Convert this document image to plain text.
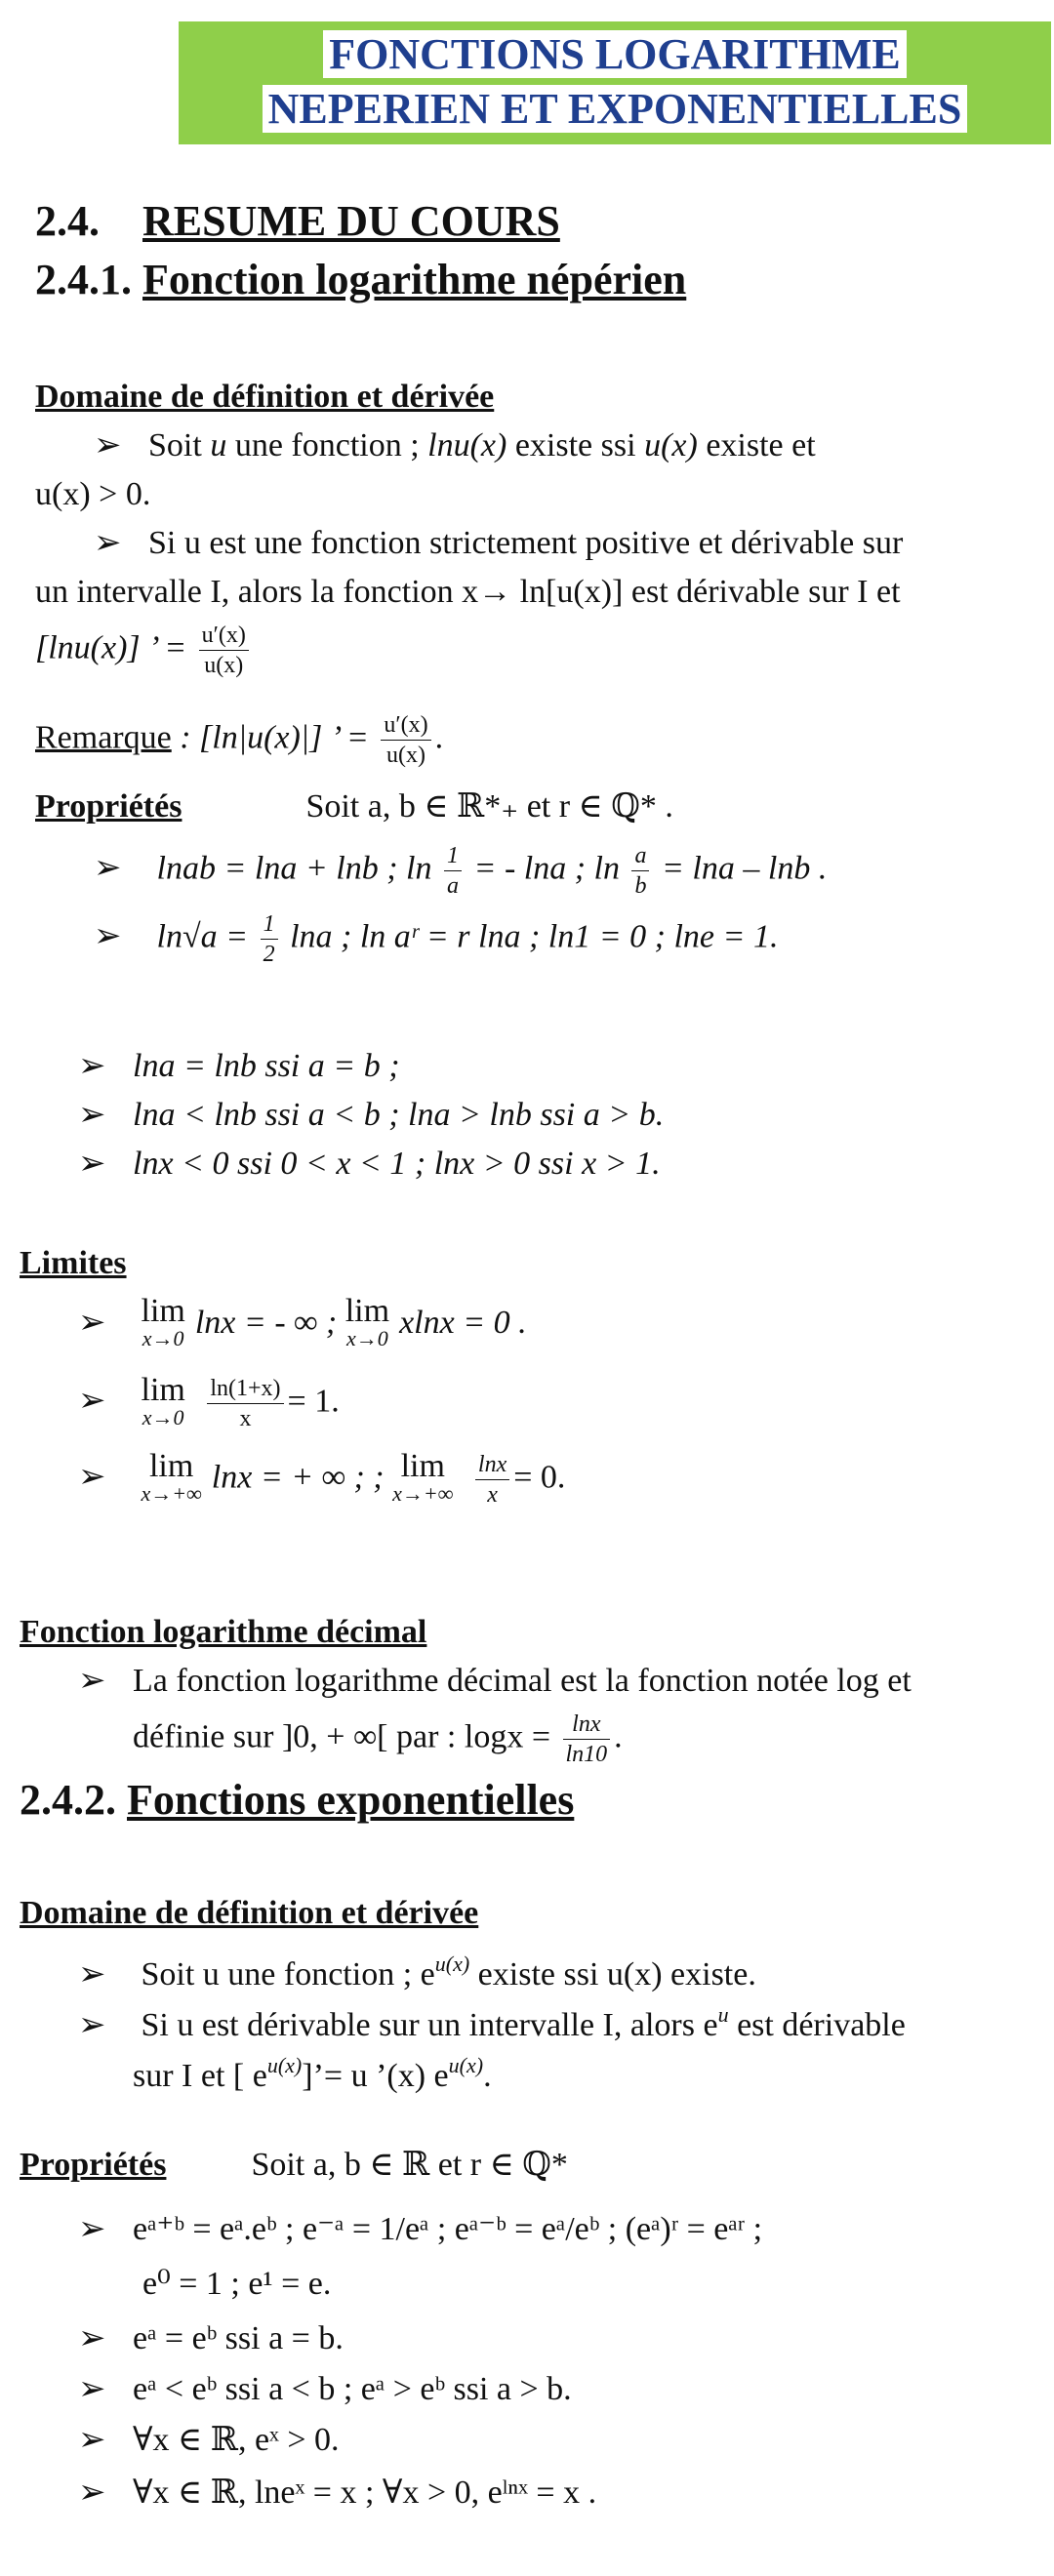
FONCTIONS LOGARITHME
NEPERIEN ET EXPONENTIELLES
2.4. RESUME DU COURS
2.4.1. Fonction logarithme népérien
Domaine de définition et dérivée
➢ Soit u une fonction ; lnu(x) existe ssi u(x) existe et
u(x) > 0.
➢ Si u est une fonction strictement positive et dérivable sur
un intervalle I, alors la fonction x→ ln[u(x)] est dérivable sur I et
[lnu(x)] ’ = $\frac{u'(x)}{u(x)}$
Remarque : [ln|u(x)|] ’ = $\frac{u'(x)}{u(x)}$ .
Propriétés	Soit a, b ∈ ℝ*₊ et r ∈ ℚ* .
➢ lnab = lna + lnb ; $\ln \frac{1}{a}$ = - lna ; $\ln \frac{a}{b} = \ln a - \ln b$ .
➢ $\ln√a = \frac{1}{2}$ lna ; ln aʳ = r lna ; ln1 = 0 ; lne = 1.
➢ lna = lnb ssi a = b ;
➢ lna < lnb ssi a < b ; lna > lnb ssi a > b.
➢ lnx < 0 ssi 0 < x < 1 ; lnx > 0 ssi x > 1.
Limites

➢ lim
x→0 lnx = - ∞ ; lim
x→0 xlnx = 0 .

➢ lim
x→0
$\frac{\ln(1+x)}{x} = 1$.

➢ lim
x→+∞ lnx = + ∞ ; ; lim
x→+∞
$\frac{\ln x}{x} = 0$.
Fonction logarithme décimal
➢ La fonction logarithme décimal est la fonction notée log et
définie sur ]0, + ∞[ par : $\log x = \frac{\ln x}{\ln 10}$ .
2.4.2. Fonctions exponentielles
Domaine de définition et dérivée
➢ Soit u une fonction ; $e^{u(x)}$ existe ssi u(x) existe.
➢ Si u est dérivable sur un intervalle I, alors $e^u$ est dérivable
sur I et [ $e^{u(x)}]’= u$ ’(x) $e^{u(x)}$.
Propriétés	Soit a, b ∈ ℝ et r ∈ ℚ*
➢ eᵃ⁺ᵇ = eᵃ.eᵇ ; e⁻ᵃ = 1/eᵃ ; eᵃ⁻ᵇ = eᵃ/eᵇ ; (eᵃ)ʳ = eᵃʳ ;
e⁰ = 1 ; e¹ = e.
➢ eᵃ = eᵇ ssi a = b.
➢ eᵃ < eᵇ ssi a < b ; eᵃ > eᵇ ssi a > b.
➢ ∀x ∈ ℝ, eˣ > 0.
➢ ∀x ∈ ℝ, lneˣ = x ; ∀x > 0, eˡⁿˣ = x .
